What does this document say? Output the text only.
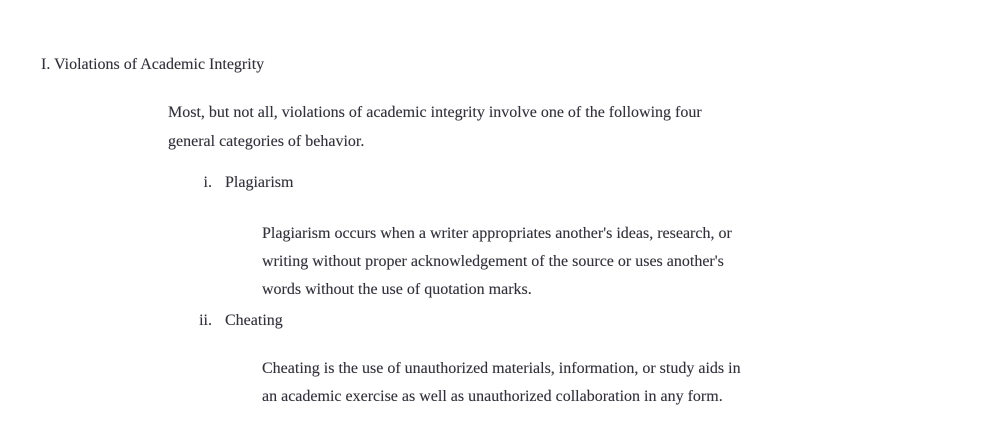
I. Violations of Academic Integrity
Most, but not all, violations of academic integrity involve one of the following four
general categories of behavior.
i. Plagiarism
Plagiarism occurs when a writer appropriates another's ideas, research, or
writing without proper acknowledgement of the source or uses another's
words without the use of quotation marks.
ii. Cheating
Cheating is the use of unauthorized materials, information, or study aids in
an academic exercise as well as unauthorized collaboration in any form.
